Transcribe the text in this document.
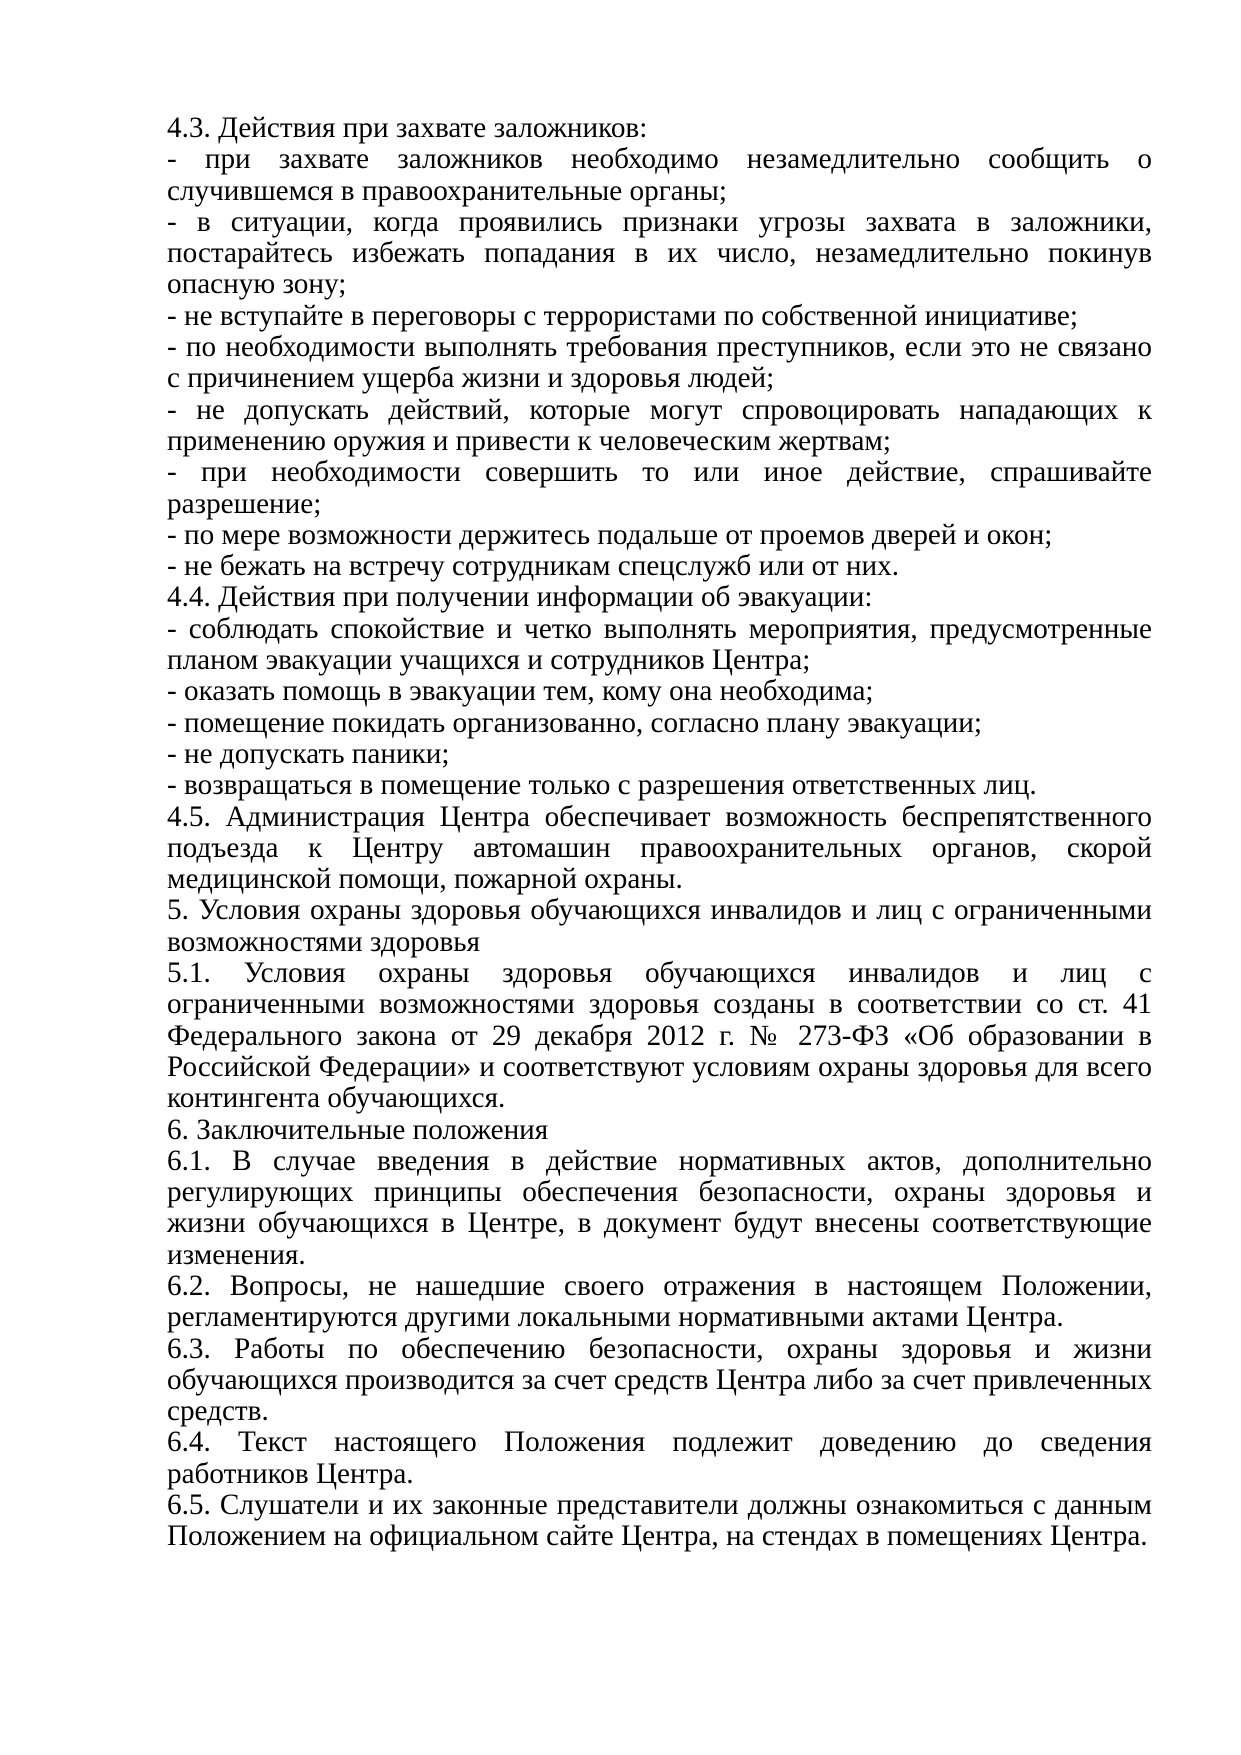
4.3. Действия при захвате заложников:

- при захвате заложников необходимо незамедлительно сообщить о случившемся в правоохранительные органы;

- в ситуации, когда проявились признаки угрозы захвата в заложники, постарайтесь избежать попадания в их число, незамедлительно покинув опасную зону;

- не вступайте в переговоры с террористами по собственной инициативе;

- по необходимости выполнять требования преступников, если это не связано с причинением ущерба жизни и здоровья людей;

- не допускать действий, которые могут спровоцировать нападающих к применению оружия и привести к человеческим жертвам;

- при необходимости совершить то или иное действие, спрашивайте разрешение;

- по мере возможности держитесь подальше от проемов дверей и окон;

- не бежать на встречу сотрудникам спецслужб или от них.

4.4. Действия при получении информации об эвакуации:

- соблюдать спокойствие и четко выполнять мероприятия, предусмотренные планом эвакуации учащихся и сотрудников Центра;

- оказать помощь в эвакуации тем, кому она необходима;

- помещение покидать организованно, согласно плану эвакуации;

- не допускать паники;

- возвращаться в помещение только с разрешения ответственных лиц.

4.5. Администрация Центра обеспечивает возможность беспрепятственного подъезда к Центру автомашин правоохранительных органов, скорой медицинской помощи, пожарной охраны.

5. Условия охраны здоровья обучающихся инвалидов и лиц с ограниченными возможностями здоровья

5.1. Условия охраны здоровья обучающихся инвалидов и лиц с ограниченными возможностями здоровья созданы в соответствии со ст. 41 Федерального закона от 29 декабря 2012 г. № 273-ФЗ «Об образовании в Российской Федерации» и соответствуют условиям охраны здоровья для всего контингента обучающихся.

6. Заключительные положения

6.1. В случае введения в действие нормативных актов, дополнительно регулирующих принципы обеспечения безопасности, охраны здоровья и жизни обучающихся в Центре, в документ будут внесены соответствующие изменения.

6.2. Вопросы, не нашедшие своего отражения в настоящем Положении, регламентируются другими локальными нормативными актами Центра.

6.3. Работы по обеспечению безопасности, охраны здоровья и жизни обучающихся производится за счет средств Центра либо за счет привлеченных средств.

6.4. Текст настоящего Положения подлежит доведению до сведения работников Центра.

6.5. Слушатели и их законные представители должны ознакомиться с данным Положением на официальном сайте Центра, на стендах в помещениях Центра.
